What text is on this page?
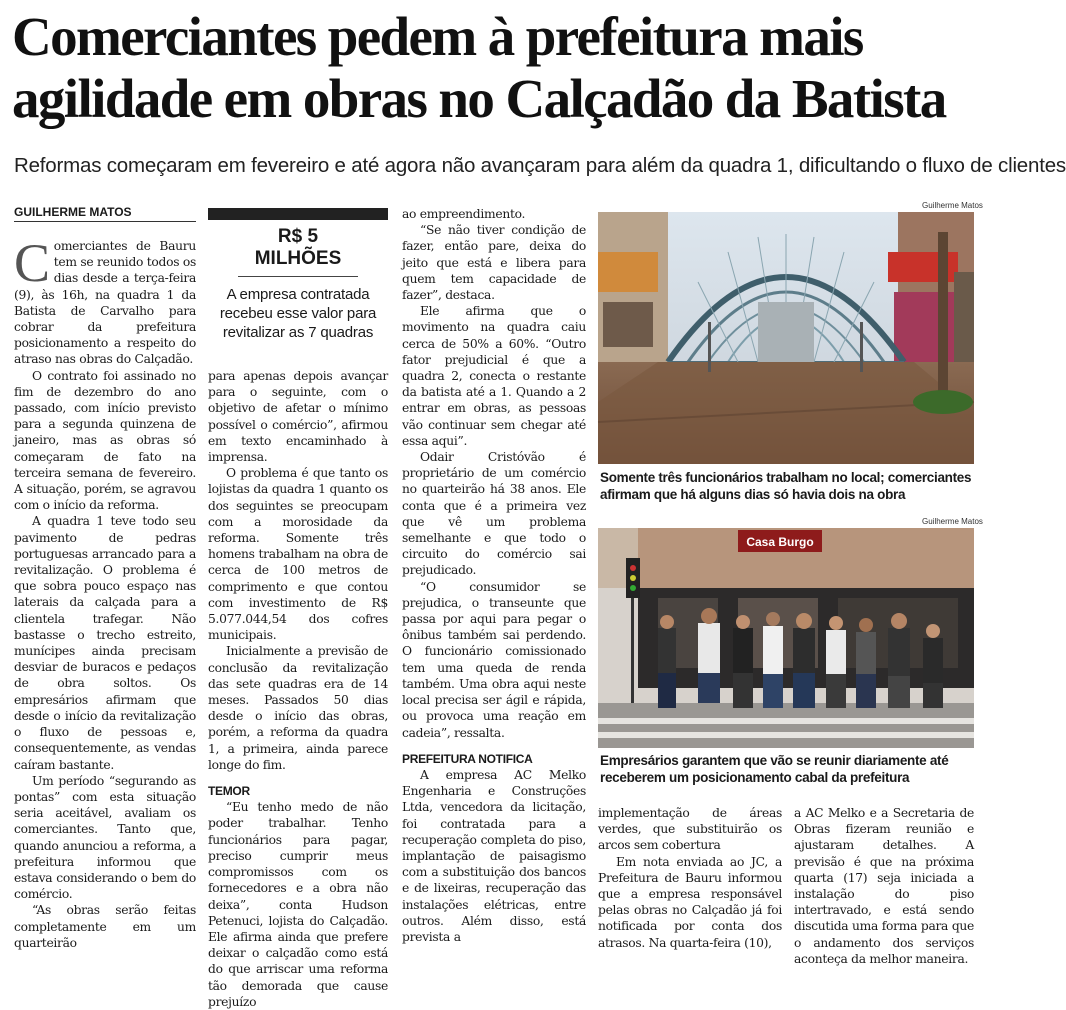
Comerciantes pedem à prefeitura mais
agilidade em obras no Calçadão da Batista
Reformas começaram em fevereiro e até agora não avançaram para além da quadra 1, dificultando o fluxo de clientes
GUILHERME MATOS

Comerciantes de Bauru tem se reunido todos os dias desde a terça-feira (9), às 16h, na quadra 1 da Batista de Carvalho para cobrar da prefeitura posicionamento a respeito do atraso nas obras do Calçadão.

O contrato foi assinado no fim de dezembro do ano passado, com início previsto para a segunda quinzena de janeiro, mas as obras só começaram de fato na terceira semana de fevereiro. A situação, porém, se agravou com o início da reforma.

A quadra 1 teve todo seu pavimento de pedras portuguesas arrancado para a revitalização. O problema é que sobra pouco espaço nas laterais da calçada para a clientela trafegar. Não bastasse o trecho estreito, munícipes ainda precisam desviar de buracos e pedaços de obra soltos. Os empresários afirmam que desde o início da revitalização o fluxo de pessoas e, consequentemente, as vendas caíram bastante.

Um período “segurando as pontas” com esta situação seria aceitável, avaliam os comerciantes. Tanto que, quando anunciou a reforma, a prefeitura informou que estava considerando o bem do comércio.

“As obras serão feitas completamente em um quarteirão

R$ 5 MILHÕES
A empresa contratada recebeu esse valor para revitalizar as 7 quadras

para apenas depois avançar para o seguinte, com o objetivo de afetar o mínimo possível o comércio”, afirmou em texto encaminhado à imprensa.

O problema é que tanto os lojistas da quadra 1 quanto os dos seguintes se preocupam com a morosidade da reforma. Somente três homens trabalham na obra de cerca de 100 metros de comprimento e que contou com investimento de R$ 5.077.044,54 dos cofres municipais.

Inicialmente a previsão de conclusão da revitalização das sete quadras era de 14 meses. Passados 50 dias desde o início das obras, porém, a reforma da quadra 1, a primeira, ainda parece longe do fim.

TEMOR

“Eu tenho medo de não poder trabalhar. Tenho funcionários para pagar, preciso cumprir meus compromissos com os fornecedores e a obra não deixa”, conta Hudson Petenuci, lojista do Calçadão. Ele afirma ainda que prefere deixar o calçadão como está do que arriscar uma reforma tão demorada que cause prejuízo

ao empreendimento.

“Se não tiver condição de fazer, então pare, deixa do jeito que está e libera para quem tem capacidade de fazer”, destaca.

Ele afirma que o movimento na quadra caiu cerca de 50% a 60%. “Outro fator prejudicial é que a quadra 2, conecta o restante da batista até a 1. Quando a 2 entrar em obras, as pessoas vão continuar sem chegar até essa aqui”.

Odair Cristóvão é proprietário de um comércio no quarteirão há 38 anos. Ele conta que é a primeira vez que vê um problema semelhante e que todo o circuito do comércio sai prejudicado.

“O consumidor se prejudica, o transeunte que passa por aqui para pegar o ônibus também sai perdendo. O funcionário comissionado tem uma queda de renda também. Uma obra aqui neste local precisa ser ágil e rápida, ou provoca uma reação em cadeia”, ressalta.

PREFEITURA NOTIFICA

A empresa AC Melko Engenharia e Construções Ltda, vencedora da licitação, foi contratada para a recuperação completa do piso, implantação de paisagismo com a substituição dos bancos e de lixeiras, recuperação das instalações elétricas, entre outros. Além disso, está prevista a

implementação de áreas verdes, que substituirão os arcos sem cobertura

Em nota enviada ao JC, a Prefeitura de Bauru informou que a empresa responsável pelas obras no Calçadão já foi notificada por conta dos atrasos. Na quarta-feira (10),

a AC Melko e a Secretaria de Obras fizeram reunião e ajustaram detalhes. A previsão é que na próxima quarta (17) seja iniciada a instalação do piso intertravado, e está sendo discutida uma forma para que o andamento dos serviços aconteça da melhor maneira.

Guilherme Matos
Somente três funcionários trabalham no local; comerciantes afirmam que há alguns dias só havia dois na obra
Guilherme Matos
Casa Burgo
Empresários garantem que vão se reunir diariamente até receberem um posicionamento cabal da prefeitura
